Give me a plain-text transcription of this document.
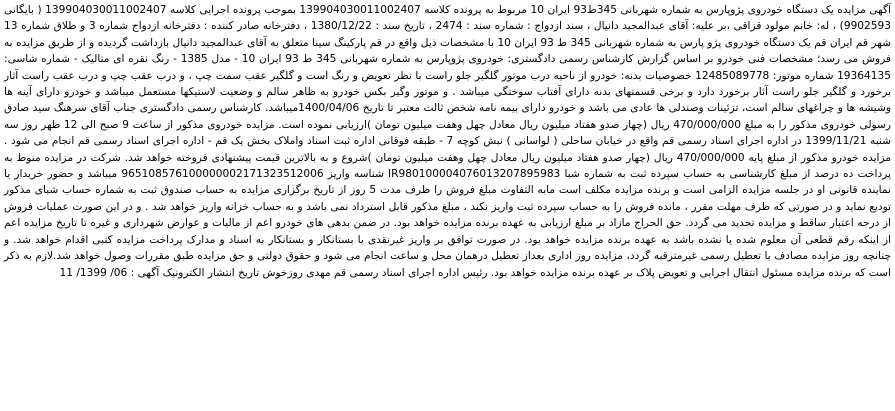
آگهی مزایده یک دستگاه خودروی پژوپارس به شماره شهربانی 345ط93 ایران 10 مربوط به پرونده کلاسه 139904030011002407 بموجب پرونده اجرایی کلاسه 139904030011002407 ( بایگانی 9902593) ، له: خانم مولود قزاقی ،بر علیه: آقای عبدالمجید دانیال ، سند ازدواج : شماره سند : 2474 ، تاریخ سند : 1380/12/22 ، دفترخانه صادر کننده : دفترخانه ازدواج شماره 3 و طلاق شماره 13 شهر قم ایران قم یک دستگاه خودروی پژو پارس به شماره شهربانی 345 ط 93 ایران 10 با مشخصات ذیل واقع در قم پارکینگ سینا متعلق به آقای عبدالمجید دانیال بازداشت گردیده و از طریق مزایده به فروش می رسد؛ مشخصات فنی خودرو بر اساس گزارش کارشناس رسمی دادگستری: خودروی پژوپارس به شماره شهربانی 345 ط 93 ایران 10 - مدل 1385 - رنگ نقره ای متالیک - شماره شاسی: 19364135 شماره موتور: 12485089778 خصوصیات بدنه: خودرو از ناحیه درب موتور گلگیر جلو راست با نظر تعویض و رنگ است و گلگیر عقب سمت چپ ، و درب عقب چپ و درب عقب راست آثار برخورد و گلگیر جلو راست آثار برخورد دارد و برخی قسمتهای بدنه دارای آفتاب سوختگی میباشد . و موتور وگیر بکس خودرو به ظاهر سالم و وضعیت لاستیکها مستعمل میباشد و خودرو دارای آینه ها وشیشه ها و چراغهای سالم است، تزئینات وصندلی ها عادی می باشد و خودرو دارای بیمه نامه شخص ثالث معتبر تا تاریخ 1400/04/06میباشد. کارشناس رسمی دادگستری جناب آقای سرهنگ سید صادق رسولی خودروی مذکور را به مبلغ 470/000/000 ریال (چهار صدو هفتاد میلیون ریال معادل چهل وهفت میلیون تومان )ارزیابی نموده است. مزایده خودروی مذکور از ساعت 9 صبح الی 12 ظهر روز سه شنبه 1399/11/21 در اداره اجرای اسناد رسمی قم واقع در خیابان ساحلی ( لواسانی ) نبش کوچه 7 - طبقه فوقانی اداره ثبت اسناد واملاک بخش یک قم - اداره اجرای اسناد رسمی قم انجام می شود . مزایده خودرو مذکور از مبلغ پایه 470/000/000 ریال (چهار صدو هفتاد میلیون ریال معادل چهل وهفت میلیون تومان )شروع و به بالاترین قیمت پیشنهادی فروخته خواهد شد. شرکت در مزایده منوط به پرداخت ده درصد از مبلغ کارشناسی به حساب سپرده ثبت به شماره شبا IR980100004076013207895983 شناسه واریز 965108576100000002171323512006 میباشد و حضور خریدار یا نماینده قانونی او در جلسه مزایده الزامی است و برنده مزایده مکلف است مابه التفاوت مبلغ فروش را ظرف مدت 5 روز از تاریخ برگزاری مزایده به حساب صندوق ثبت به شماره حساب شبای مذکور تودیع نماید و در صورتی که ظرف مهلت مقرر ، مانده فروش را به حساب سپرده ثبت واریز نکند ، مبلغ مذکور قابل استرداد نمی باشد و به حساب خزانه واریز خواهد شد . و در این صورت عملیات فروش از درجه اعتبار ساقط و مزایده تجدید می گردد. حق الحراج مازاد بر مبلغ ارزیابی به عهده برنده مزایده خواهد بود. در ضمن بدهی های خودرو اعم از مالیات و عوارض شهرداری و غیره تا تاریخ مزایده اعم از اینکه رقم قطعی آن معلوم شده یا نشده باشد به عهده برنده مزایده خواهد بود. در صورت توافق بر واریز غیرنقدی با بستانکار و بستانکار به اسناد و مدارک پرداخت مزایده کتبی اقدام خواهد شد. و چنانچه روز مزایده مصادف با تعطیل رسمی غیرمترقبه گردد، مزایده روز اداری بعداز تعطیل درهمان محل و ساعت انجام می شود و حقوق دولتی و حق مزایده طبق مقررات وصول خواهد شد.لازم به ذکر است که برنده مزایده مسئول انتقال اجرایی و تعویض پلاک بر عهده برنده مزایده خواهد بود. رئیس اداره اجرای اسناد رسمی قم مهدی روزخوش تاریخ انتشار الکترونیک آگهی : 06/ 1399/ 11
